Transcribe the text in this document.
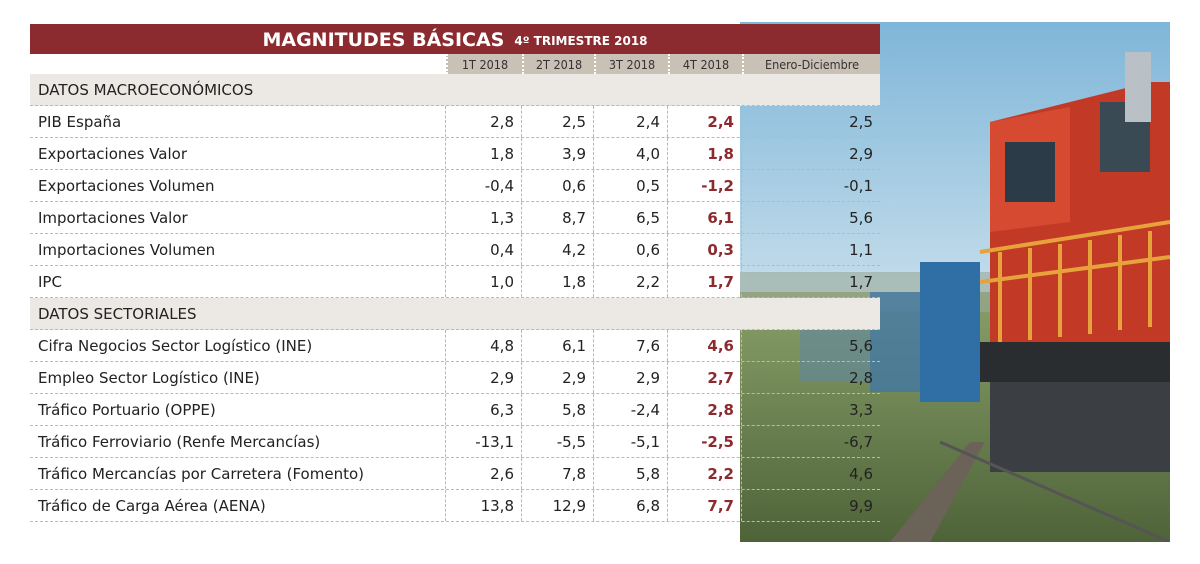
MAGNITUDES BÁSICAS 4º TRIMESTRE 2018
1T 2018	2T 2018	3T 2018	4T 2018	Enero-Diciembre
DATOS MACROECONÓMICOS
PIB España	2,8	2,5	2,4	2,4	2,5
Exportaciones Valor	1,8	3,9	4,0	1,8	2,9
Exportaciones Volumen	-0,4	0,6	0,5	-1,2	-0,1
Importaciones Valor	1,3	8,7	6,5	6,1	5,6
Importaciones Volumen	0,4	4,2	0,6	0,3	1,1
IPC	1,0	1,8	2,2	1,7	1,7
DATOS SECTORIALES
Cifra Negocios Sector Logístico (INE)	4,8	6,1	7,6	4,6	5,6
Empleo Sector Logístico (INE)	2,9	2,9	2,9	2,7	2,8
Tráfico Portuario (OPPE)	6,3	5,8	-2,4	2,8	3,3
Tráfico Ferroviario (Renfe Mercancías)	-13,1	-5,5	-5,1	-2,5	-6,7
Tráfico Mercancías por Carretera (Fomento)	2,6	7,8	5,8	2,2	4,6
Tráfico de Carga Aérea (AENA)	13,8	12,9	6,8	7,7	9,9
